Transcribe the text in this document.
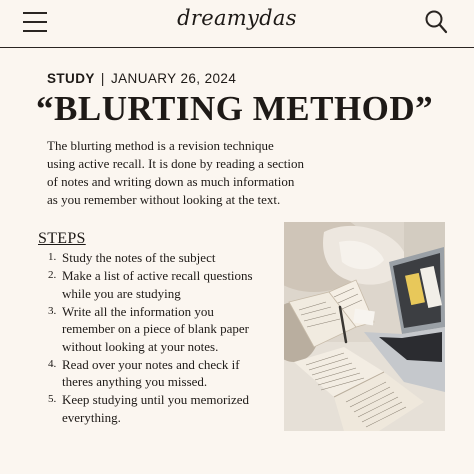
dreamydas
STUDY | JANUARY 26, 2024
“BLURTING METHOD”
The blurting method is a revision technique
using active recall. It is done by reading a section
of notes and writing down as much information
as you remember without looking at the text.
STEPS
1. Study the notes of the subject
2. Make a list of active recall questions
while you are studying
3. Write all the information you
remember on a piece of blank paper
without looking at your notes.
4. Read over your notes and check if
theres anything you missed.
5. Keep studying until you memorized
everything.
